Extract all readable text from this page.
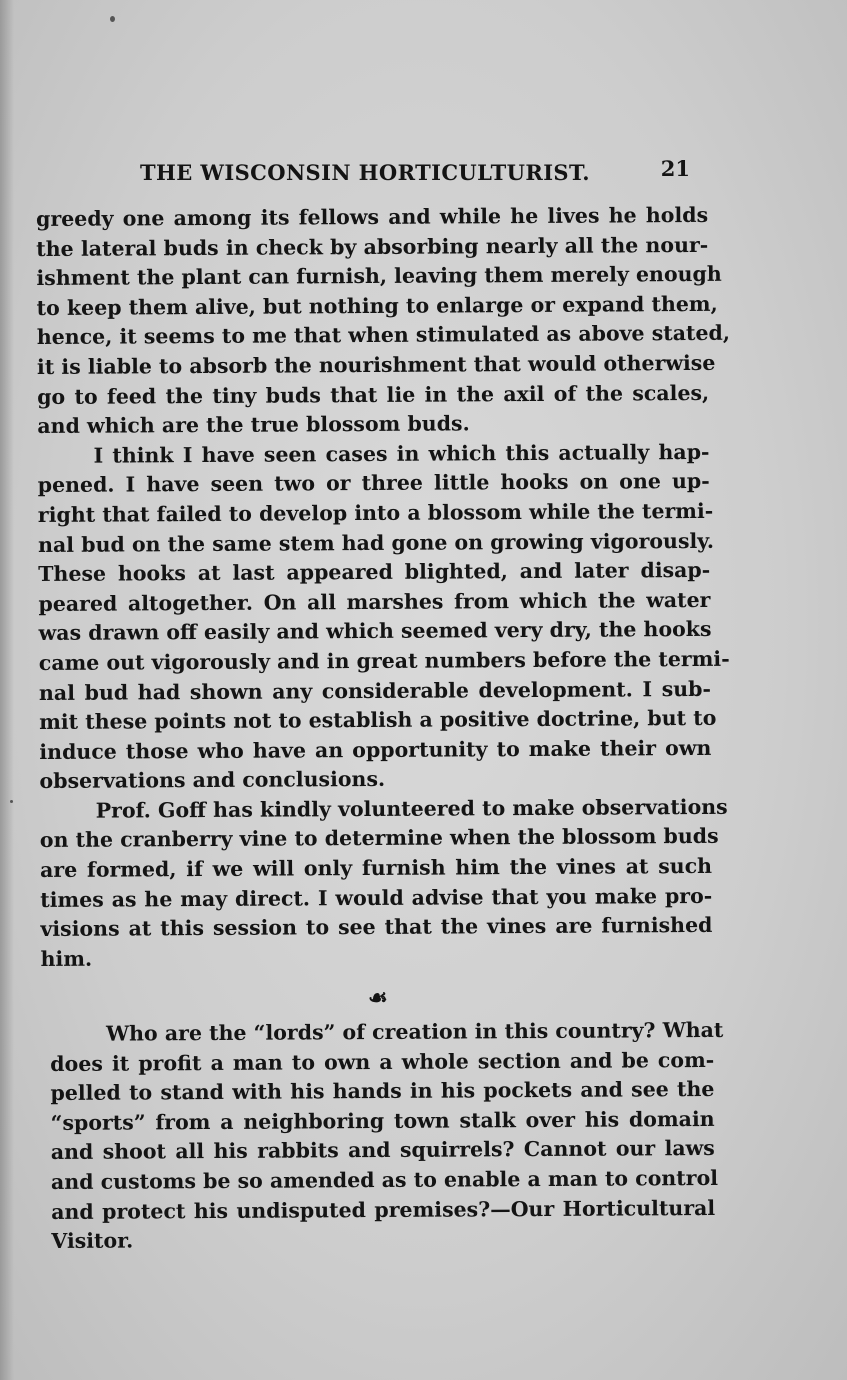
THE WISCONSIN HORTICULTURIST.	21
greedy one among its fellows and while he lives he holds
the lateral buds in check by absorbing nearly all the nour-
ishment the plant can furnish, leaving them merely enough
to keep them alive, but nothing to enlarge or expand them,
hence, it seems to me that when stimulated as above stated,
it is liable to absorb the nourishment that would otherwise
go to feed the tiny buds that lie in the axil of the scales,
and which are the true blossom buds.
I think I have seen cases in which this actually hap-
pened. I have seen two or three little hooks on one up-
right that failed to develop into a blossom while the termi-
nal bud on the same stem had gone on growing vigorously.
These hooks at last appeared blighted, and later disap-
peared altogether. On all marshes from which the water
was drawn off easily and which seemed very dry, the hooks
came out vigorously and in great numbers before the termi-
nal bud had shown any considerable development. I sub-
mit these points not to establish a positive doctrine, but to
induce those who have an opportunity to make their own
observations and conclusions.
Prof. Goff has kindly volunteered to make observations
on the cranberry vine to determine when the blossom buds
are formed, if we will only furnish him the vines at such
times as he may direct. I would advise that you make pro-
visions at this session to see that the vines are furnished
him.
☙
Who are the “lords” of creation in this country? What
does it profit a man to own a whole section and be com-
pelled to stand with his hands in his pockets and see the
“sports” from a neighboring town stalk over his domain
and shoot all his rabbits and squirrels? Cannot our laws
and customs be so amended as to enable a man to control
and protect his undisputed premises?—Our Horticultural
Visitor.
